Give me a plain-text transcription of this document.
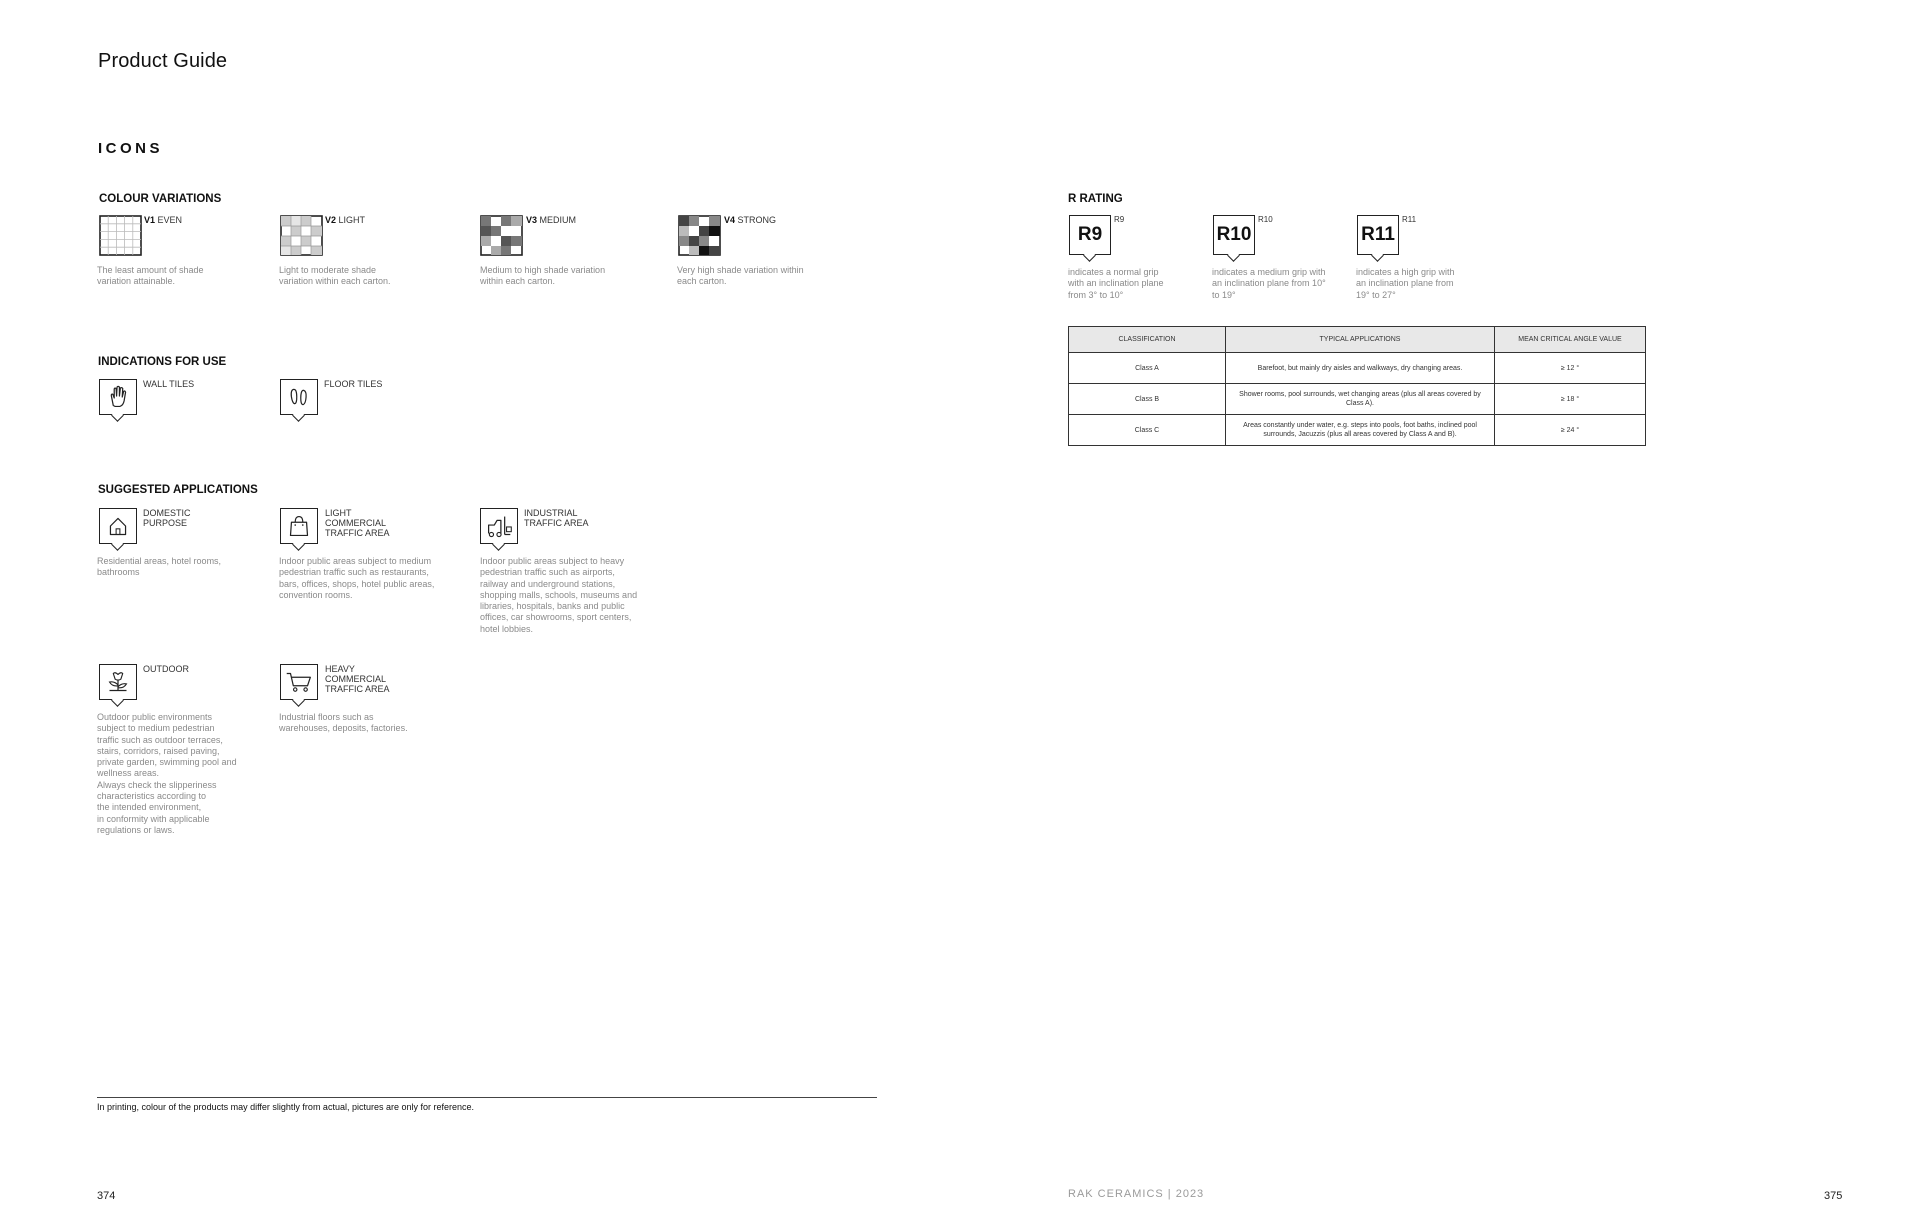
Product Guide
ICONS
COLOUR VARIATIONS
V1 EVEN
The least amount of shade
variation attainable.
V2 LIGHT
Light to moderate shade
variation within each carton.
V3 MEDIUM
Medium to high shade variation
within each carton.
V4 STRONG
Very high shade variation within
each carton.
INDICATIONS FOR USE
WALL TILES	FLOOR TILES
SUGGESTED APPLICATIONS
DOMESTIC
PURPOSE
Residential areas, hotel rooms,
bathrooms
LIGHT
COMMERCIAL
TRAFFIC AREA
Indoor public areas subject to medium
pedestrian traffic such as restaurants,
bars, offices, shops, hotel public areas,
convention rooms.
INDUSTRIAL
TRAFFIC AREA
Indoor public areas subject to heavy
pedestrian traffic such as airports,
railway and underground stations,
shopping malls, schools, museums and
libraries, hospitals, banks and public
offices, car showrooms, sport centers,
hotel lobbies.
OUTDOOR
Outdoor public environments
subject to medium pedestrian
traffic such as outdoor terraces,
stairs, corridors, raised paving,
private garden, swimming pool and
wellness areas.
Always check the slipperiness
characteristics according to
the intended environment,
in conformity with applicable
regulations or laws.
HEAVY
COMMERCIAL
TRAFFIC AREA
Industrial floors such as
warehouses, deposits, factories.
R RATING
R9
R9
indicates a normal grip
with an inclination plane
from 3° to 10°
R10
R10
indicates a medium grip with
an inclination plane from 10°
to 19°
R11
R11
indicates a high grip with
an inclination plane from
19° to 27°
CLASSIFICATION	TYPICAL APPLICATIONS	MEAN CRITICAL ANGLE VALUE
Class A	Barefoot, but mainly dry aisles and walkways, dry changing areas.	≥ 12 °
Class B	Shower rooms, pool surrounds, wet changing areas (plus all areas covered by Class A).	≥ 18 °
Class C	Areas constantly under water, e.g. steps into pools, foot baths, inclined pool surrounds, Jacuzzis (plus all areas covered by Class A and B).	≥ 24 °
In printing, colour of the products may differ slightly from actual, pictures are only for reference.
374	RAK CERAMICS | 2023	375
